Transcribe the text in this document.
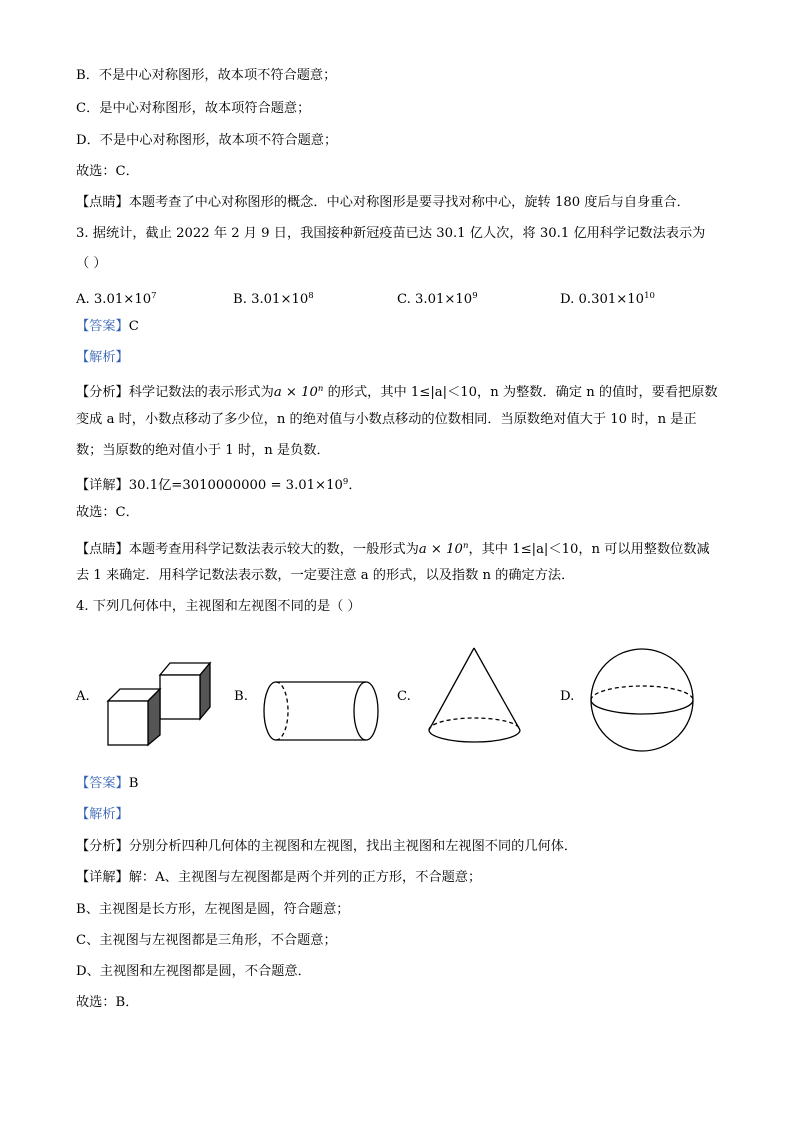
B．不是中心对称图形，故本项不符合题意；
C．是中心对称图形，故本项符合题意；
D．不是中心对称图形，故本项不符合题意；
故选：C．
【点睛】本题考查了中心对称图形的概念．中心对称图形是要寻找对称中心，旋转 180 度后与自身重合．
3. 据统计，截止 2022 年 2 月 9 日，我国接种新冠疫苗已达 30.1 亿人次，将 30.1 亿用科学记数法表示为
（ ）
A. $3.01\times 10^7$	B. $3.01\times 10^8$	C. $3.01\times 10^9$	D. $0.301\times 10^{10}$
【答案】C
【解析】
【分析】科学记数法的表示形式为$a \times 10^n$ 的形式，其中 1≤|a|＜10，n 为整数．确定 n 的值时，要看把原数
变成 a 时，小数点移动了多少位，n 的绝对值与小数点移动的位数相同．当原数绝对值大于 10 时，n 是正
数；当原数的绝对值小于 1 时，n 是负数．
【详解】30.1亿$=3010000000 = 3.01\times 10^9$．
故选：C．
【点睛】本题考查用科学记数法表示较大的数，一般形式为$a \times 10^n$，其中 1≤|a|＜10，n 可以用整数位数减
去 1 来确定．用科学记数法表示数，一定要注意 a 的形式，以及指数 n 的确定方法．
4. 下列几何体中，主视图和左视图不同的是（ ）
A.	B.	C.	D.
【答案】B
【解析】
【分析】分别分析四种几何体的主视图和左视图，找出主视图和左视图不同的几何体．
【详解】解：A、主视图与左视图都是两个并列的正方形，不合题意；
B、主视图是长方形，左视图是圆，符合题意；
C、主视图与左视图都是三角形，不合题意；
D、主视图和左视图都是圆，不合题意．
故选：B．
